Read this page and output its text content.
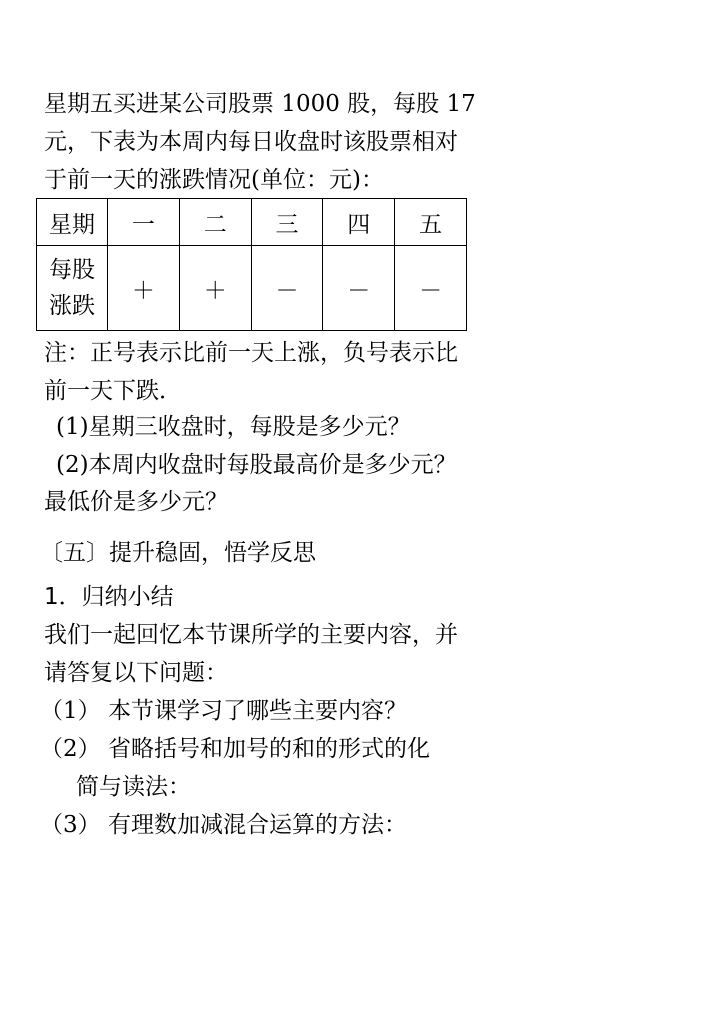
星期五买进某公司股票 1000 股，每股 17
元，下表为本周内每日收盘时该股票相对
于前一天的涨跌情况(单位：元)：
星期	一	二	三	四	五

每股
涨跌	＋	＋	－	－	－
注：正号表示比前一天上涨，负号表示比
前一天下跌．
(1)星期三收盘时，每股是多少元？
(2)本周内收盘时每股最高价是多少元？
最低价是多少元？
〔五〕提升稳固，悟学反思
1．归纳小结
我们一起回忆本节课所学的主要内容，并
请答复以下问题：
（1） 本节课学习了哪些主要内容？
（2） 省略括号和加号的和的形式的化
简与读法：
（3） 有理数加减混合运算的方法：
